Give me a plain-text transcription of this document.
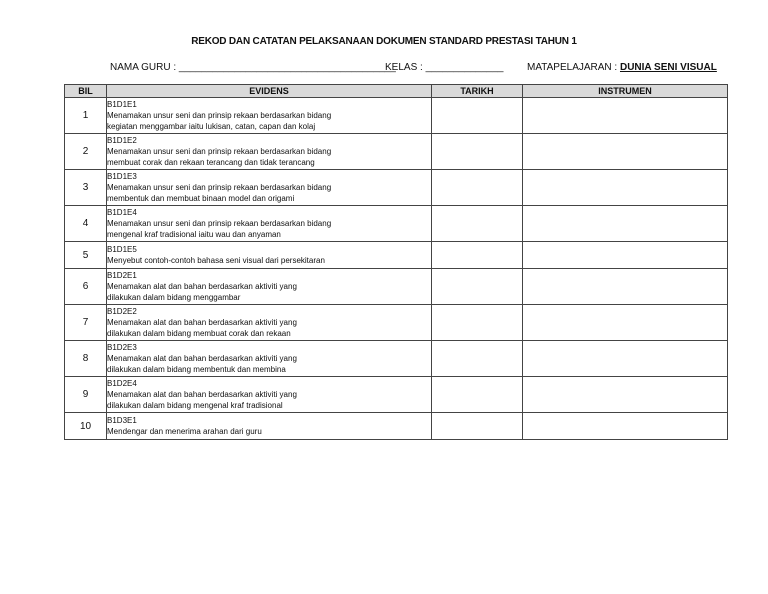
REKOD DAN CATATAN PELAKSANAAN DOKUMEN STANDARD PRESTASI TAHUN 1
NAMA GURU : _______________________________________
KELAS : ______________ MATAPELAJARAN : DUNIA SENI VISUAL
BIL	EVIDENS	TARIKH	INSTRUMEN
1	B1D1E1
Menamakan unsur seni dan prinsip rekaan berdasarkan bidang
kegiatan menggambar iaitu lukisan, catan, capan dan kolaj		

2	B1D1E2
Menamakan unsur seni dan prinsip rekaan berdasarkan bidang
membuat corak dan rekaan terancang dan tidak terancang		

3	B1D1E3
Menamakan unsur seni dan prinsip rekaan berdasarkan bidang
membentuk dan membuat binaan model dan origami		

4	B1D1E4
Menamakan unsur seni dan prinsip rekaan berdasarkan bidang
mengenal kraf tradisional iaitu wau dan anyaman		

5	B1D1E5
Menyebut contoh-contoh bahasa seni visual dari persekitaran		

6	B1D2E1
Menamakan alat dan bahan berdasarkan aktiviti yang
dilakukan dalam bidang menggambar		

7	B1D2E2
Menamakan alat dan bahan berdasarkan aktiviti yang
dilakukan dalam bidang membuat corak dan rekaan		

8	B1D2E3
Menamakan alat dan bahan berdasarkan aktiviti yang
dilakukan dalam bidang membentuk dan membina		

9	B1D2E4
Menamakan alat dan bahan berdasarkan aktiviti yang
dilakukan dalam bidang mengenal kraf tradisional		

10	B1D3E1
Mendengar dan menerima arahan dari guru		
